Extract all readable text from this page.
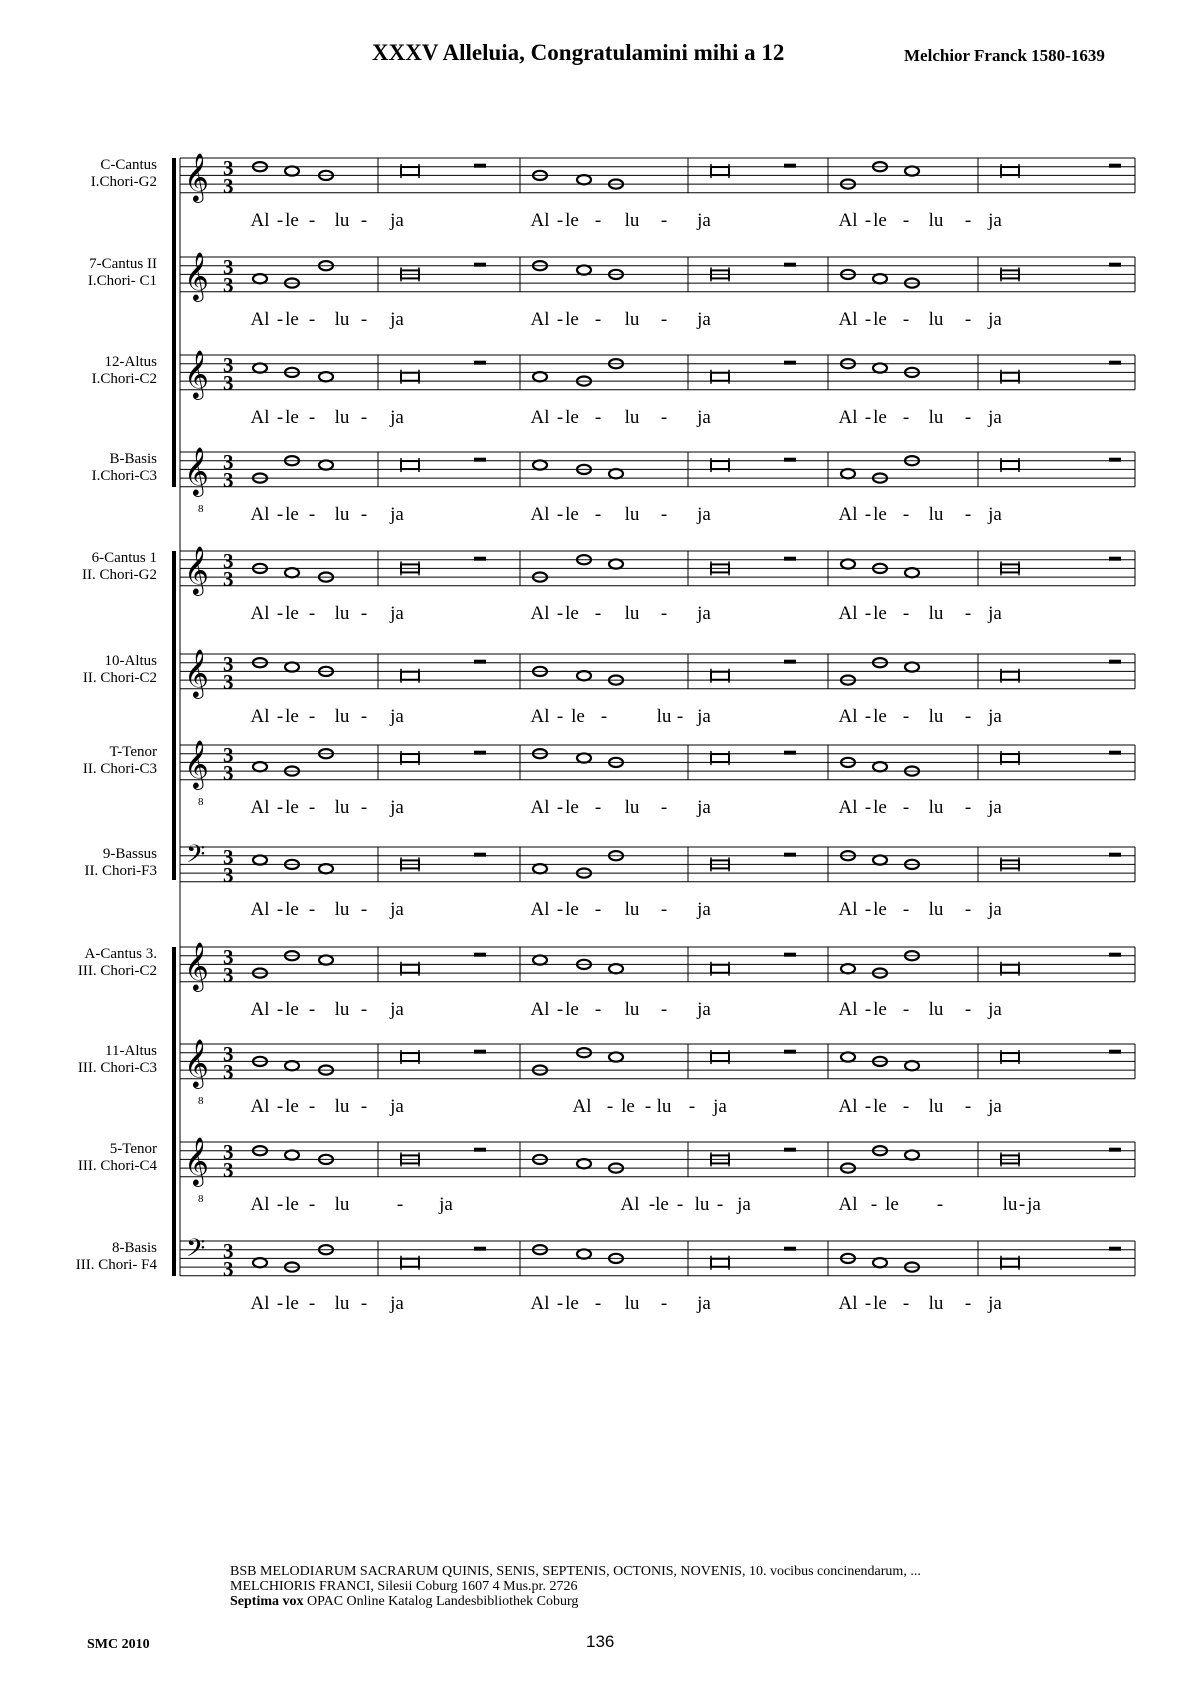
XXXV Alleluia, Congratulamini mihi a 12	Melchior Franck 1580-1639
C-Cantus
I.Chori-G2
7-Cantus II
I.Chori- C1
12-Altus
I.Chori-C2
B-Basis
I.Chori-C3
6-Cantus 1
II. Chori-G2
10-Altus
II. Chori-C2
T-Tenor
II. Chori-C3
9-Bassus
II. Chori-F3
A-Cantus 3.
III. Chori-C2
11-Altus
III. Chori-C3
5-Tenor
III. Chori-C4
8-Basis
III. Chori- F4
𝄞 3
3
Al - le - lu - ja	Al - le - lu - ja	Al - le - lu - ja
𝄞 3
3
Al - le - lu - ja	Al - le - lu - ja	Al - le - lu - ja
𝄞 3
3
Al - le - lu - ja	Al - le - lu - ja	Al - le - lu - ja
𝄞
8
3
3
Al - le - lu - ja	Al - le - lu - ja	Al - le - lu - ja
𝄞 3
3
Al - le - lu - ja	Al - le - lu - ja	Al - le - lu - ja
𝄞 3
3
Al - le - lu - ja	Al - le -	lu - ja	Al - le - lu - ja
𝄞
8
3
3
Al - le - lu - ja	Al - le - lu - ja	Al - le - lu - ja
𝄢 3
3
Al - le - lu - ja	Al - le - lu - ja	Al - le - lu - ja
𝄞 3
3
Al - le - lu - ja	Al - le - lu - ja	Al - le - lu - ja
𝄞
8
3
3
Al - le - lu - ja	Al - le - lu - ja	Al - le - lu - ja
𝄞
8
3
3
Al - le - lu - ja	Al - le - lu - ja	Al - le -	lu - ja
𝄢 3
3
Al - le - lu - ja	Al - le - lu - ja	Al - le - lu - ja
BSB MELODIARUM SACRARUM QUINIS, SENIS, SEPTENIS, OCTONIS, NOVENIS, 10. vocibus concinendarum, ...
MELCHIORIS FRANCI, Silesii Coburg 1607 4 Mus.pr. 2726
Septima vox OPAC Online Katalog Landesbibliothek Coburg
SMC 2010	136
